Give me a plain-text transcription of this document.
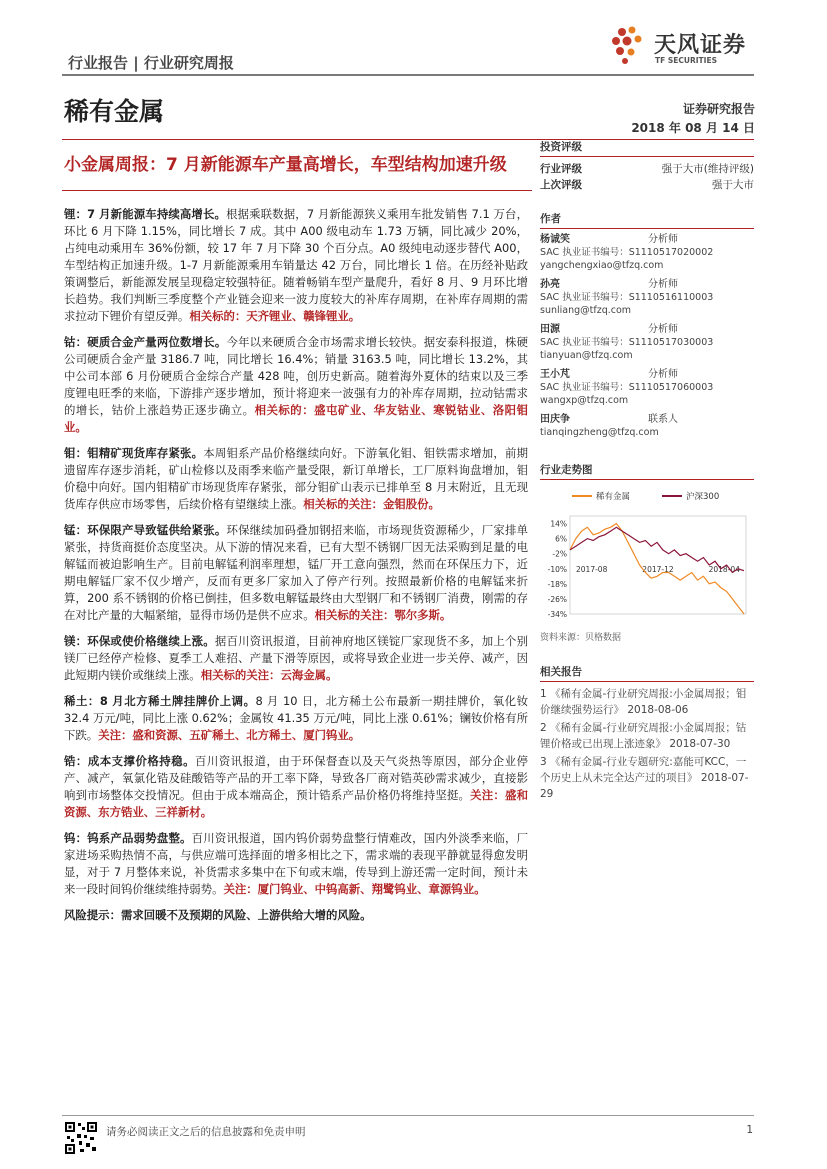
行业报告 | 行业研究周报
天风证券
TF SECURITIES
稀有金属	证券研究报告
2018 年 08 月 14 日
小金属周报：7 月新能源车产量高增长，车型结构加速升级

锂：7 月新能源车持续高增长。根据乘联数据，7 月新能源狭义乘用车批发销售 7.1 万台，环比 6 月下降 1.15%，同比增长 7 成。其中 A00 级电动车 1.73 万辆，同比减少 20%，占纯电动乘用车 36%份额，较 17 年 7 月下降 30 个百分点。A0 级纯电动逐步替代 A00，车型结构正加速升级。1-7 月新能源乘用车销量达 42 万台，同比增长 1 倍。在历经补贴政策调整后，新能源发展呈现稳定较强特征。随着畅销车型产量爬升，看好 8 月、9 月环比增长趋势。我们判断三季度整个产业链会迎来一波力度较大的补库存周期，在补库存周期的需求拉动下锂价有望反弹。相关标的：天齐锂业、赣锋锂业。

钴：硬质合金产量两位数增长。今年以来硬质合金市场需求增长较快。据安泰科报道，株硬公司硬质合金产量 3186.7 吨，同比增长 16.4%；销量 3163.5 吨，同比增长 13.2%，其中公司本部 6 月份硬质合金综合产量 428 吨，创历史新高。随着海外夏休的结束以及三季度锂电旺季的来临，下游排产逐步增加，预计将迎来一波强有力的补库存周期，拉动钴需求的增长，钴价上涨趋势正逐步确立。相关标的：盛屯矿业、华友钴业、寒锐钴业、洛阳钼业。

钼：钼精矿现货库存紧张。本周钼系产品价格继续向好。下游氧化钼、钼铁需求增加，前期遗留库存逐步消耗，矿山检修以及雨季来临产量受限，新订单增长，工厂原料询盘增加，钼价稳中向好。国内钼精矿市场现货库存紧张，部分钼矿山表示已排单至 8 月末附近，且无现货库存供应市场零售，后续价格有望继续上涨。相关标的关注：金钼股份。

锰：环保限产导致锰供给紧张。环保继续加码叠加钢招来临，市场现货资源稀少，厂家排单紧张，持货商挺价态度坚决。从下游的情况来看，已有大型不锈钢厂因无法采购到足量的电解锰而被迫影响生产。目前电解锰利润率理想，锰厂开工意向强烈，然而在环保压力下，近期电解锰厂家不仅少增产，反而有更多厂家加入了停产行列。按照最新价格的电解锰来折算，200 系不锈钢的价格已倒挂，但多数电解锰最终由大型钢厂和不锈钢厂消费，刚需的存在对比产量的大幅紧缩，显得市场仍是供不应求。相关标的关注：鄂尔多斯。

镁：环保或使价格继续上涨。据百川资讯报道，目前神府地区镁锭厂家现货不多，加上个别镁厂已经停产检修、夏季工人难招、产量下滑等原因，或将导致企业进一步关停、减产，因此短期内镁价或继续上涨。相关标的关注：云海金属。

稀土：8 月北方稀土牌挂牌价上调。8 月 10 日，北方稀土公布最新一期挂牌价，氧化钕 32.4 万元/吨，同比上涨 0.62%；金属钕 41.35 万元/吨，同比上涨 0.61%；镧钕价格有所下跌。关注：盛和资源、五矿稀土、北方稀土、厦门钨业。

锆：成本支撑价格持稳。百川资讯报道，由于环保督查以及天气炎热等原因，部分企业停产、减产，氧氯化锆及硅酸锆等产品的开工率下降，导致各厂商对锆英砂需求减少，直接影响到市场整体交投情况。但由于成本端高企，预计锆系产品价格仍将维持坚挺。关注：盛和资源、东方锆业、三祥新材。

钨：钨系产品弱势盘整。百川资讯报道，国内钨价弱势盘整行情难改，国内外淡季来临，厂家进场采购热情不高，与供应端可选择面的增多相比之下，需求端的表现平静就显得愈发明显，对于 7 月整体来说，补货需求多集中在下旬或末端，传导到上游还需一定时间，预计未来一段时间钨价继续维持弱势。关注：厦门钨业、中钨高新、翔鹭钨业、章源钨业。

风险提示：需求回暖不及预期的风险、上游供给大增的风险。

投资评级
行业评级	强于大市(维持评级)
上次评级	强于大市
作者
杨诚笑	分析师
SAC 执业证书编号：S1110517020002
yangchengxiao@tfzq.com
孙亮	分析师
SAC 执业证书编号：S1110516110003
sunliang@tfzq.com
田源	分析师
SAC 执业证书编号：S1110517030003
tianyuan@tfzq.com
王小芃	分析师
SAC 执业证书编号：S1110517060003
wangxp@tfzq.com
田庆争	联系人
tianqingzheng@tfzq.com
行业走势图
稀有金属	沪深300
14%
6%
-2%
-10%
-18%
-26%
-34%
2017-08	2017-12	2018-04
资料来源：贝格数据
相关报告
1 《稀有金属-行业研究周报:小金属周报；钼价继续强势运行》 2018-08-06
2 《稀有金属-行业研究周报:小金属周报；钴锂价格或已出现上涨迹象》 2018-07-30
3 《稀有金属-行业专题研究:嘉能可KCC，一个历史上从未完全达产过的项目》 2018-07-29
请务必阅读正文之后的信息披露和免责申明	1
